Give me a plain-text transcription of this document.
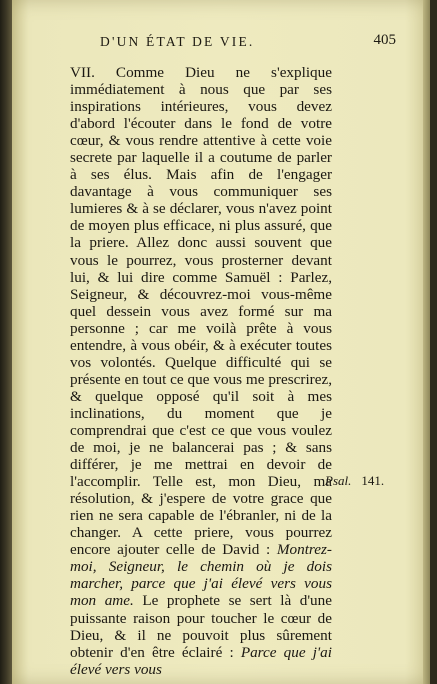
D'UN ÉTAT DE VIE.	405

VII. Comme Dieu ne s'explique immédiatement à nous que par ses inspirations intérieures, vous devez d'abord l'écouter dans le fond de votre cœur, & vous rendre attentive à cette voie secrete par laquelle il a coutume de parler à ses élus. Mais afin de l'engager davantage à vous communiquer ses lumieres & à se déclarer, vous n'avez point de moyen plus efficace, ni plus assuré, que la priere. Allez donc aussi souvent que vous le pourrez, vous prosterner devant lui, & lui dire comme Samuël : Parlez, Seigneur, & découvrez-moi vous-même quel dessein vous avez formé sur ma personne ; car me voilà prête à vous entendre, à vous obéir, & à exécuter toutes vos volontés. Quelque difficulté qui se présente en tout ce que vous me prescrirez, & quelque opposé qu'il soit à mes inclinations, du moment que je comprendrai que c'est ce que vous voulez de moi, je ne balancerai pas ; & sans différer, je me mettrai en devoir de l'accomplir. Telle est, mon Dieu, ma résolution, & j'espere de votre grace que rien ne sera capable de l'ébranler, ni de la changer. A cette priere, vous pourrez encore ajouter celle de David : Montrez-moi, Seigneur, le chemin où je dois marcher, parce que j'ai élevé vers vous mon ame. Le prophete se sert là d'une puissante raison pour toucher le cœur de Dieu, & il ne pouvoit plus sûrement obtenir d'en être éclairé : Parce que j'ai élevé vers vous

Psal. 141.
